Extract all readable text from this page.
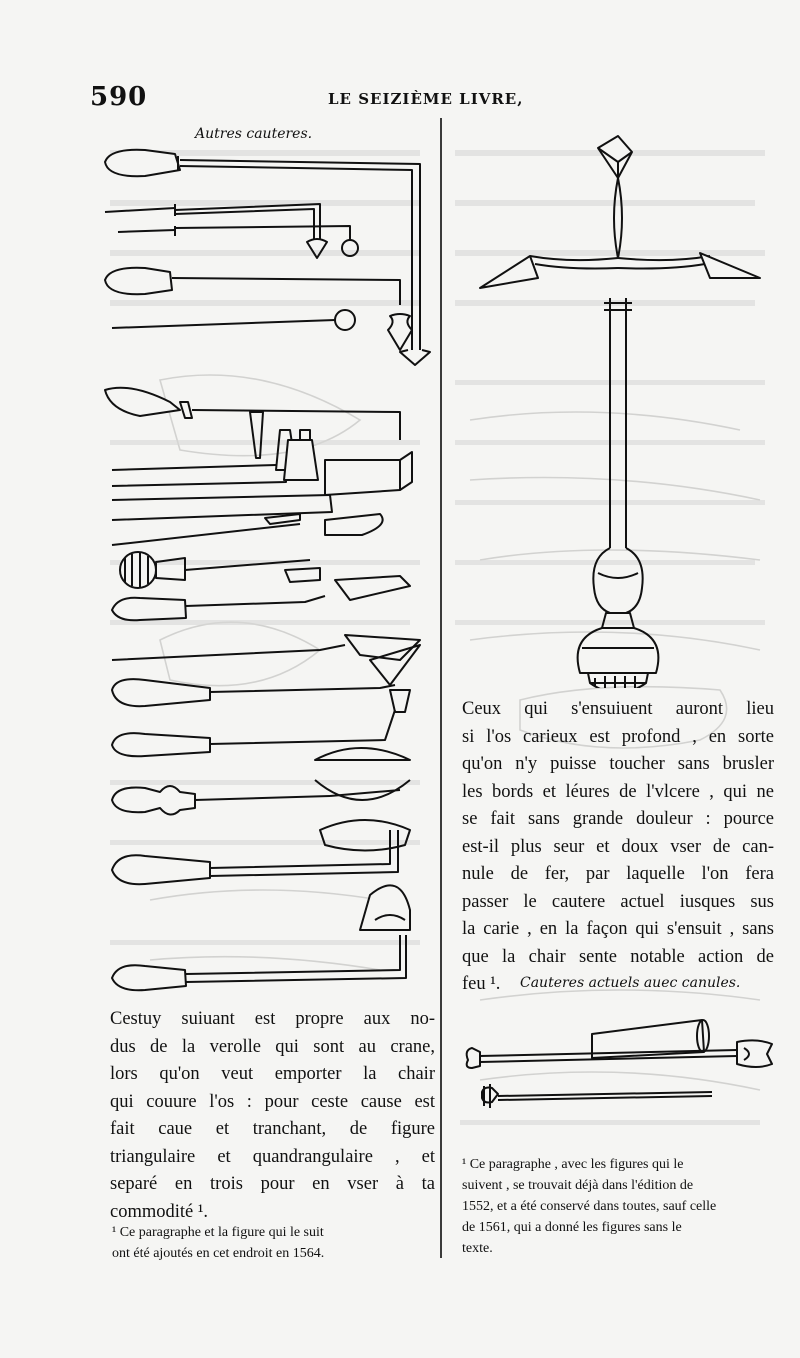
590	LE SEIZIÈME LIVRE,
Autres cauteres.
Cestuy suiuant est propre aux no-
dus de la verolle qui sont au crane,
lors qu'on veut emporter la chair
qui couure l'os : pour ceste cause est
fait caue et tranchant, de figure
triangulaire et quandrangulaire , et
separé en trois pour en vser à ta
commodité ¹.
¹ Ce paragraphe et la figure qui le suit
ont été ajoutés en cet endroit en 1564.
Ceux qui s'ensuiuent auront lieu
si l'os carieux est profond , en sorte
qu'on n'y puisse toucher sans brusler
les bords et léures de l'vlcere , qui ne
se fait sans grande douleur : pource
est-il plus seur et doux vser de can-
nule de fer, par laquelle l'on fera
passer le cautere actuel iusques sus
la carie , en la façon qui s'ensuit , sans
que la chair sente notable action de
feu ¹.	Cauteres actuels auec canules.
¹ Ce paragraphe , avec les figures qui le
suivent , se trouvait déjà dans l'édition de
1552, et a été conservé dans toutes, sauf celle
de 1561, qui a donné les figures sans le
texte.
